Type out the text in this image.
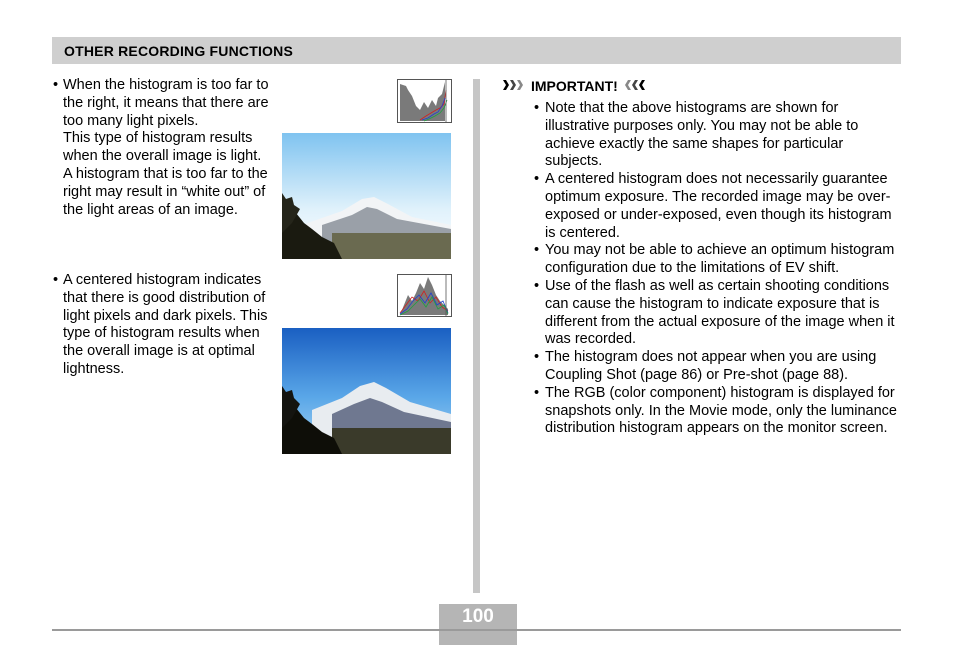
OTHER RECORDING FUNCTIONS
• When the histogram is too far to the right, it means that there are too many light pixels.

This type of histogram results when the overall image is light. A histogram that is too far to the right may result in “white out” of the light areas of an image.

• A centered histogram indicates that there is good distribution of light pixels and dark pixels. This type of histogram results when the overall image is at optimal lightness.

IMPORTANT!
• Note that the above histograms are shown for illustrative purposes only. You may not be able to achieve exactly the same shapes for particular subjects.
• A centered histogram does not necessarily guarantee optimum exposure. The recorded image may be over-exposed or under-exposed, even though its histogram is centered.
• You may not be able to achieve an optimum histogram configuration due to the limitations of EV shift.
• Use of the flash as well as certain shooting conditions can cause the histogram to indicate exposure that is different from the actual exposure of the image when it was recorded.
• The histogram does not appear when you are using Coupling Shot (page 86) or Pre-shot (page 88).
• The RGB (color component) histogram is displayed for snapshots only. In the Movie mode, only the luminance distribution histogram appears on the monitor screen.
100
